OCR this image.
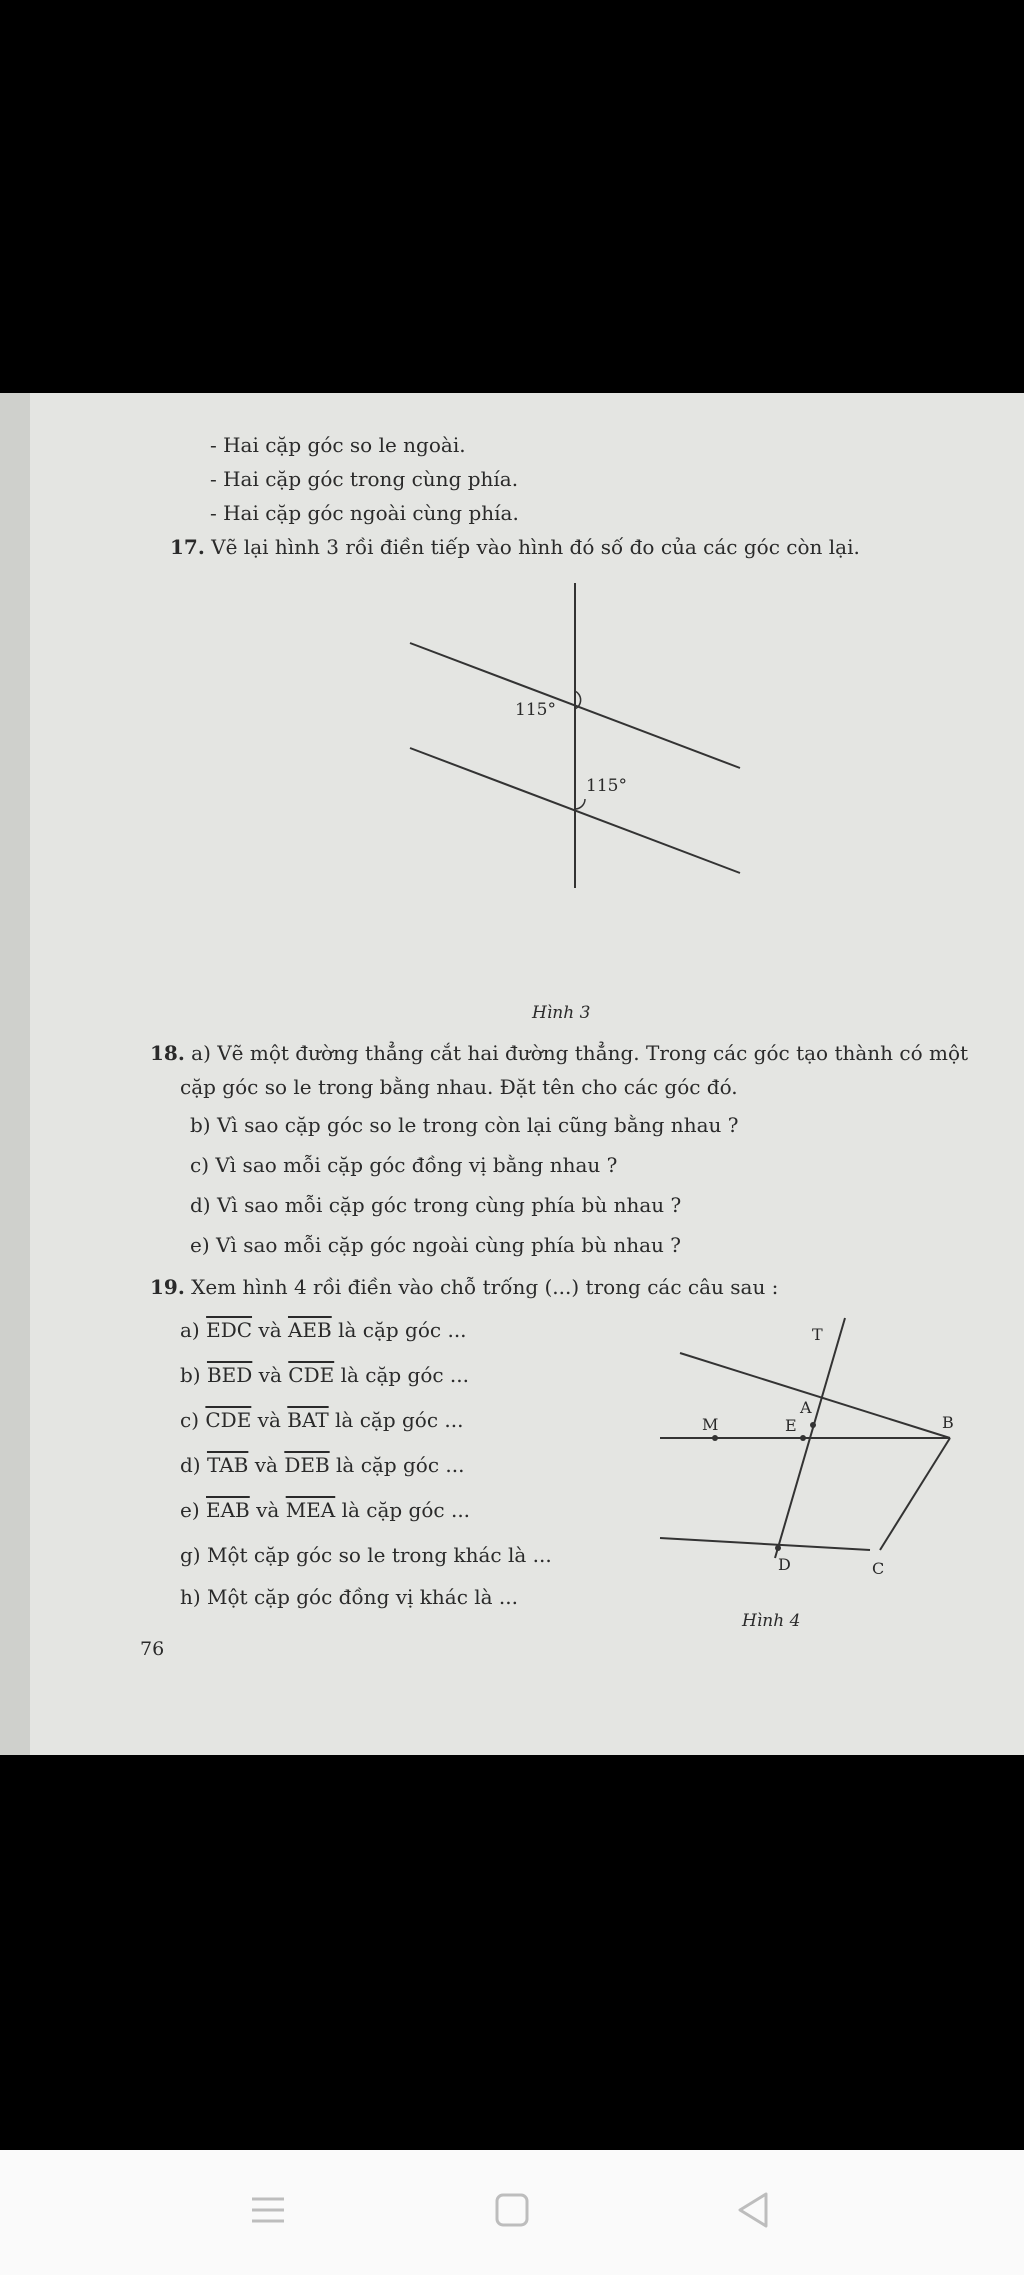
- Hai cặp góc so le ngoài.
- Hai cặp góc trong cùng phía.
- Hai cặp góc ngoài cùng phía.
17. Vẽ lại hình 3 rồi điền tiếp vào hình đó số đo của các góc còn lại.
115°
115°
Hình 3
18. a) Vẽ một đường thẳng cắt hai đường thẳng. Trong các góc tạo thành có một
cặp góc so le trong bằng nhau. Đặt tên cho các góc đó.
b) Vì sao cặp góc so le trong còn lại cũng bằng nhau ?
c) Vì sao mỗi cặp góc đồng vị bằng nhau ?
d) Vì sao mỗi cặp góc trong cùng phía bù nhau ?
e) Vì sao mỗi cặp góc ngoài cùng phía bù nhau ?
19. Xem hình 4 rồi điền vào chỗ trống (...) trong các câu sau :
a) $\overline{EDC}$ và $\overline{AEB}$ là cặp góc ...
b) $\overline{BED}$ và $\overline{CDE}$ là cặp góc ...
c) $\overline{CDE}$ và $\overline{BAT}$ là cặp góc ...
d) $\overline{TAB}$ và $\overline{DEB}$ là cặp góc ...
e) $\overline{EAB}$ và $\overline{MEA}$ là cặp góc ...
g) Một cặp góc so le trong khác là ...
h) Một cặp góc đồng vị khác là ...
T
A
M	E	B
D	C
Hình 4
76
